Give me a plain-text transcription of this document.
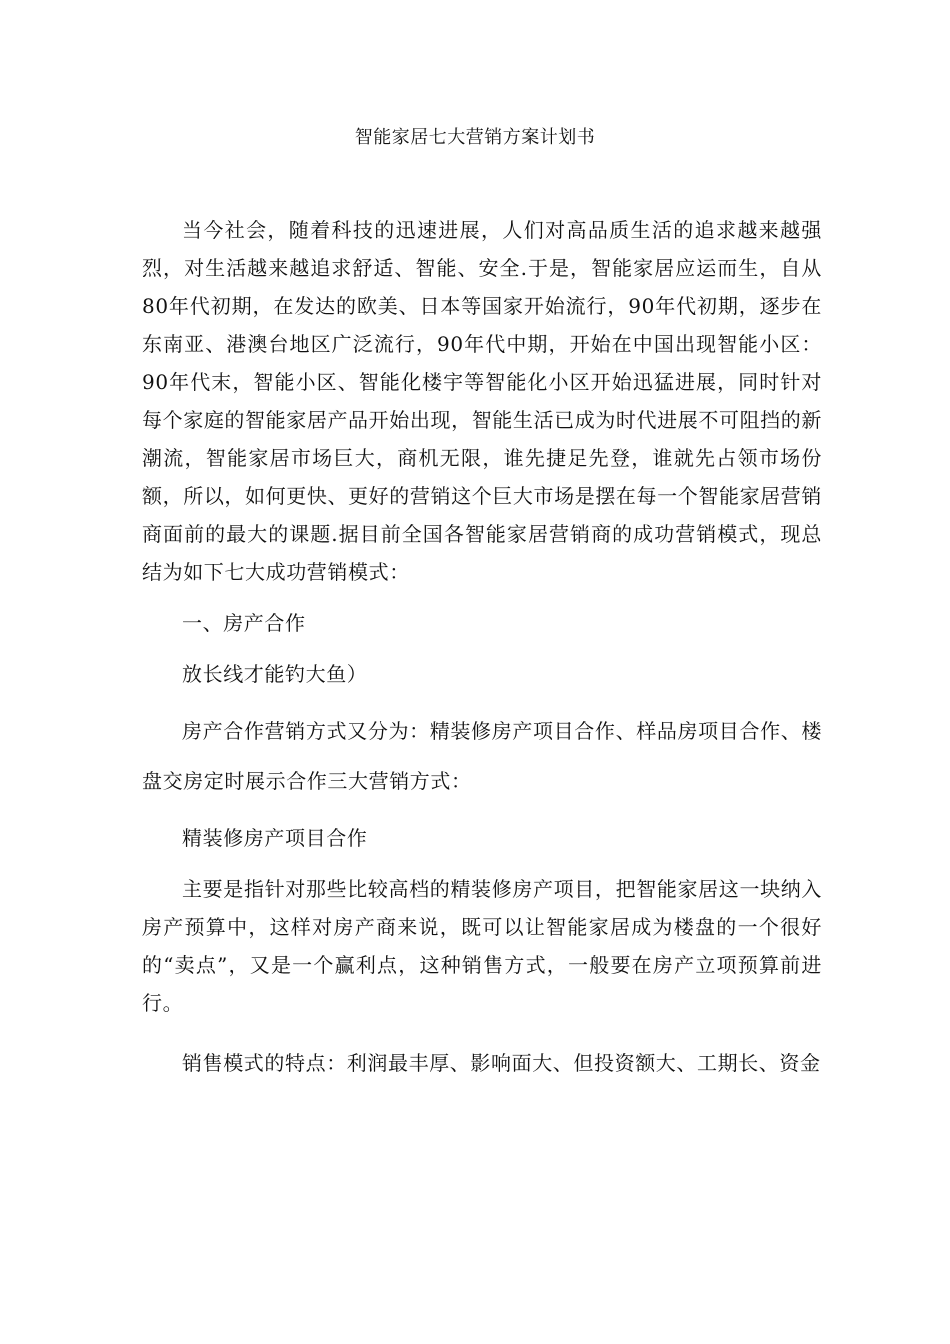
智能家居七大营销方案计划书

当今社会，随着科技的迅速进展，人们对高品质生活的追求越来越强烈，对生活越来越追求舒适、智能、安全.于是，智能家居应运而生，自从80年代初期，在发达的欧美、日本等国家开始流行，90年代初期，逐步在东南亚、港澳台地区广泛流行，90年代中期，开始在中国出现智能小区：90年代末，智能小区、智能化楼宇等智能化小区开始迅猛进展，同时针对每个家庭的智能家居产品开始出现，智能生活已成为时代进展不可阻挡的新潮流，智能家居市场巨大，商机无限，谁先捷足先登，谁就先占领市场份额，所以，如何更快、更好的营销这个巨大市场是摆在每一个智能家居营销商面前的最大的课题.据目前全国各智能家居营销商的成功营销模式，现总结为如下七大成功营销模式：

一、房产合作

放长线才能钓大鱼）

房产合作营销方式又分为：精装修房产项目合作、样品房项目合作、楼盘交房定时展示合作三大营销方式：

精装修房产项目合作

主要是指针对那些比较高档的精装修房产项目，把智能家居这一块纳入房产预算中，这样对房产商来说，既可以让智能家居成为楼盘的一个很好的“卖点”，又是一个赢利点，这种销售方式，一般要在房产立项预算前进行。

销售模式的特点：利润最丰厚、影响面大、但投资额大、工期长、资金
